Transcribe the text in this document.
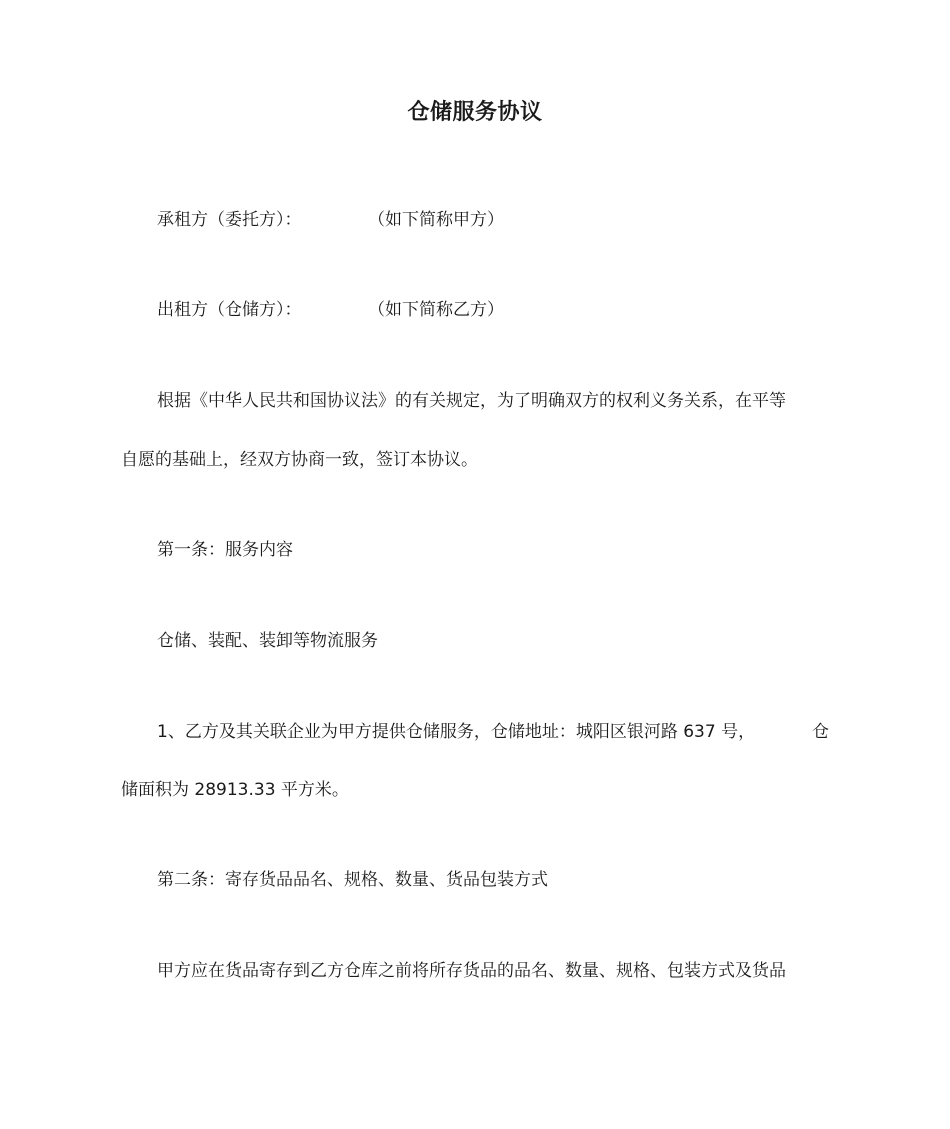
仓储服务协议
承租方（委托方）：	（如下简称甲方）
出租方（仓储方）：	（如下简称乙方）
根据《中华人民共和国协议法》的有关规定，为了明确双方的权利义务关系，在平等
自愿的基础上，经双方协商一致，签订本协议。
第一条：服务内容
仓储、装配、装卸等物流服务
1、乙方及其关联企业为甲方提供仓储服务，仓储地址：城阳区银河路 637 号，	仓
储面积为 28913.33 平方米。
第二条：寄存货品品名、规格、数量、货品包装方式
甲方应在货品寄存到乙方仓库之前将所存货品的品名、数量、规格、包装方式及货品
